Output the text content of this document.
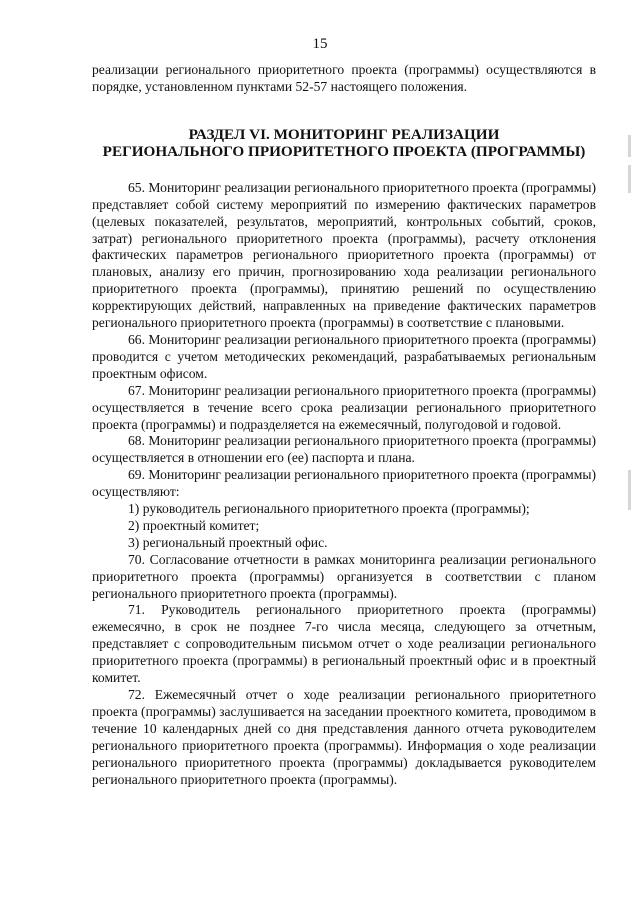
15

реализации регионального приоритетного проекта (программы) осуществляются в порядке, установленном пунктами 52-57 настоящего положения.

РАЗДЕЛ VI. МОНИТОРИНГ РЕАЛИЗАЦИИ
РЕГИОНАЛЬНОГО ПРИОРИТЕТНОГО ПРОЕКТА (ПРОГРАММЫ)

65. Мониторинг реализации регионального приоритетного проекта (программы) представляет собой систему мероприятий по измерению фактических параметров (целевых показателей, результатов, мероприятий, контрольных событий, сроков, затрат) регионального приоритетного проекта (программы), расчету отклонения фактических параметров регионального приоритетного проекта (программы) от плановых, анализу его причин, прогнозированию хода реализации регионального приоритетного проекта (программы), принятию решений по осуществлению корректирующих действий, направленных на приведение фактических параметров регионального приоритетного проекта (программы) в соответствие с плановыми.

66. Мониторинг реализации регионального приоритетного проекта (программы) проводится с учетом методических рекомендаций, разрабатываемых региональным проектным офисом.

67. Мониторинг реализации регионального приоритетного проекта (программы) осуществляется в течение всего срока реализации регионального приоритетного проекта (программы) и подразделяется на ежемесячный, полугодовой и годовой.

68. Мониторинг реализации регионального приоритетного проекта (программы) осуществляется в отношении его (ее) паспорта и плана.

69. Мониторинг реализации регионального приоритетного проекта (программы) осуществляют:

1) руководитель регионального приоритетного проекта (программы);

2) проектный комитет;

3) региональный проектный офис.

70. Согласование отчетности в рамках мониторинга реализации регионального приоритетного проекта (программы) организуется в соответствии с планом регионального приоритетного проекта (программы).

71. Руководитель регионального приоритетного проекта (программы) ежемесячно, в срок не позднее 7-го числа месяца, следующего за отчетным, представляет с сопроводительным письмом отчет о ходе реализации регионального приоритетного проекта (программы) в региональный проектный офис и в проектный комитет.

72. Ежемесячный отчет о ходе реализации регионального приоритетного проекта (программы) заслушивается на заседании проектного комитета, проводимом в течение 10 календарных дней со дня представления данного отчета руководителем регионального приоритетного проекта (программы). Информация о ходе реализации регионального приоритетного проекта (программы) докладывается руководителем регионального приоритетного проекта (программы).
